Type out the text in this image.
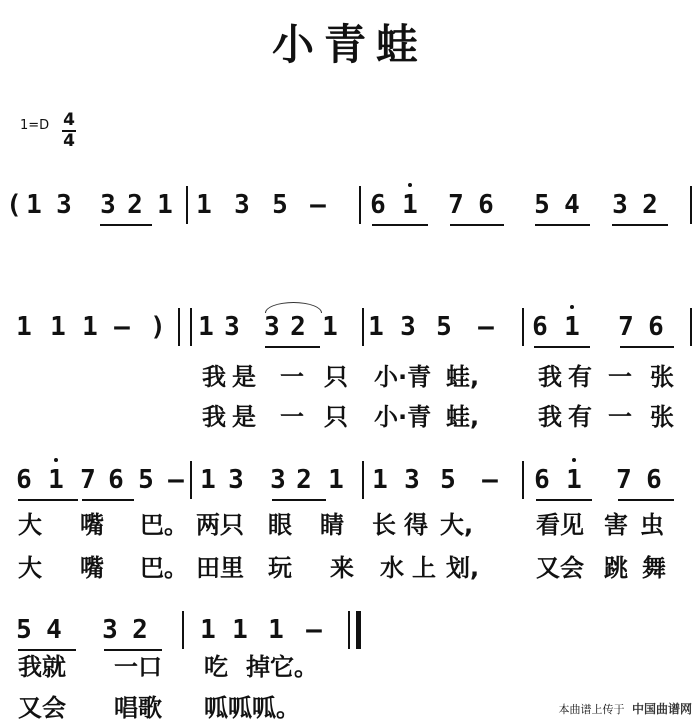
小青蛙
1=D 4
4
( 1 3 3 2 1 1 3 5 – 6 1 7 6 5 4 3 2
1 1 1 – ) 1 3 3 2 1 1 3 5 – 6 1 7 6
我 是 一 只 小·青 蛙, 我 有 一 张
我 是 一 只 小·青 蛙, 我 有 一 张
6 1 7 6 5 – 1 3 3 2 1 1 3 5 – 6 1 7 6
大 嘴 巴。 两只 眼 睛 长 得 大,	看见 害 虫
大 嘴 巴。 田里 玩 来 水 上 划, 又会 跳 舞
5 4 3 2 1 1 1 –
我就 一口 吃 掉它。
又会 唱歌 呱呱呱。	本曲谱上传于 中国曲谱网
